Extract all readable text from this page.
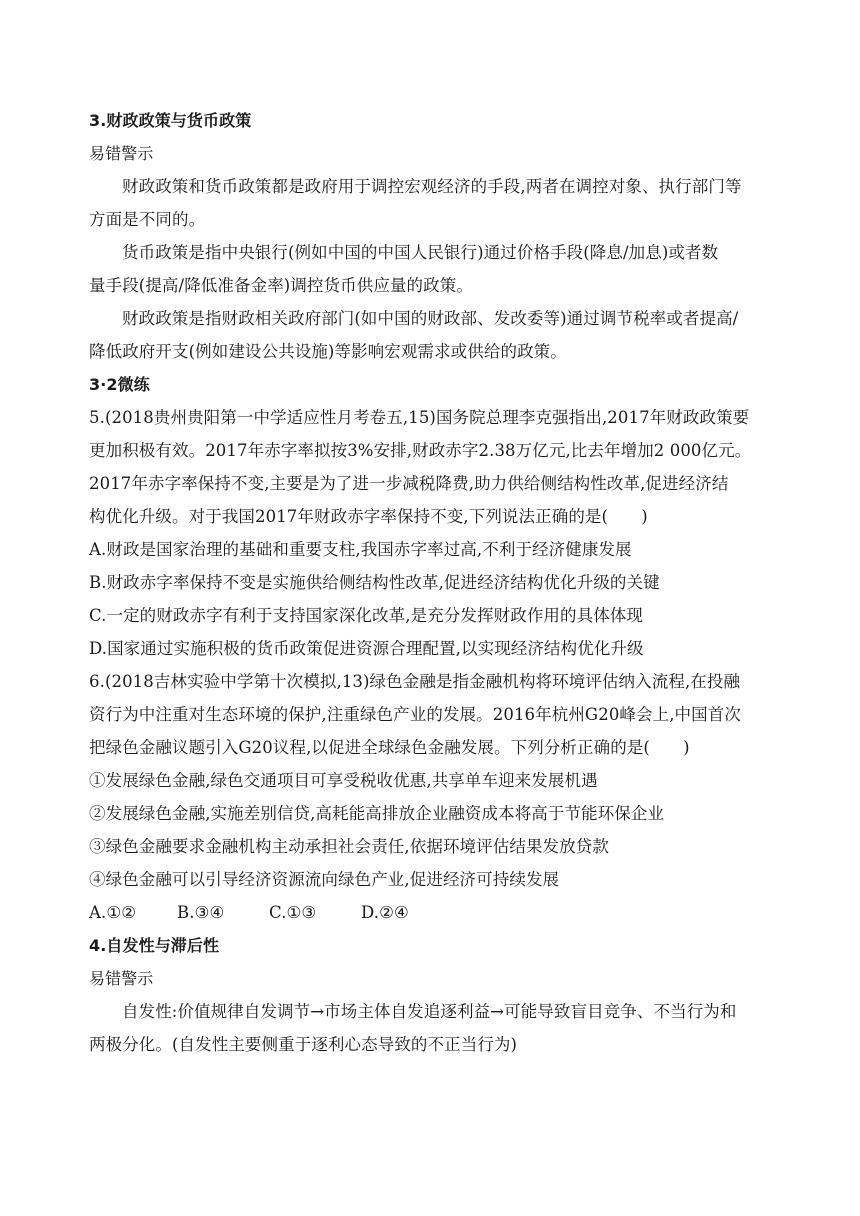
3.财政政策与货币政策
易错警示
财政政策和货币政策都是政府用于调控宏观经济的手段,两者在调控对象、执行部门等
方面是不同的。
货币政策是指中央银行(例如中国的中国人民银行)通过价格手段(降息/加息)或者数
量手段(提高/降低准备金率)调控货币供应量的政策。
财政政策是指财政相关政府部门(如中国的财政部、发改委等)通过调节税率或者提高/
降低政府开支(例如建设公共设施)等影响宏观需求或供给的政策。
3·2微练
5.(2018贵州贵阳第一中学适应性月考卷五,15)国务院总理李克强指出,2017年财政政策要
更加积极有效。2017年赤字率拟按3%安排,财政赤字2.38万亿元,比去年增加2 000亿元。
2017年赤字率保持不变,主要是为了进一步减税降费,助力供给侧结构性改革,促进经济结
构优化升级。对于我国2017年财政赤字率保持不变,下列说法正确的是(　　)
A.财政是国家治理的基础和重要支柱,我国赤字率过高,不利于经济健康发展
B.财政赤字率保持不变是实施供给侧结构性改革,促进经济结构优化升级的关键
C.一定的财政赤字有利于支持国家深化改革,是充分发挥财政作用的具体体现
D.国家通过实施积极的货币政策促进资源合理配置,以实现经济结构优化升级
6.(2018吉林实验中学第十次模拟,13)绿色金融是指金融机构将环境评估纳入流程,在投融
资行为中注重对生态环境的保护,注重绿色产业的发展。2016年杭州G20峰会上,中国首次
把绿色金融议题引入G20议程,以促进全球绿色金融发展。下列分析正确的是(　　)
①发展绿色金融,绿色交通项目可享受税收优惠,共享单车迎来发展机遇
②发展绿色金融,实施差别信贷,高耗能高排放企业融资成本将高于节能环保企业
③绿色金融要求金融机构主动承担社会责任,依据环境评估结果发放贷款
④绿色金融可以引导经济资源流向绿色产业,促进经济可持续发展
A.①②	B.③④	C.①③	D.②④
4.自发性与滞后性
易错警示
自发性:价值规律自发调节→市场主体自发追逐利益→可能导致盲目竞争、不当行为和
两极分化。(自发性主要侧重于逐利心态导致的不正当行为)
